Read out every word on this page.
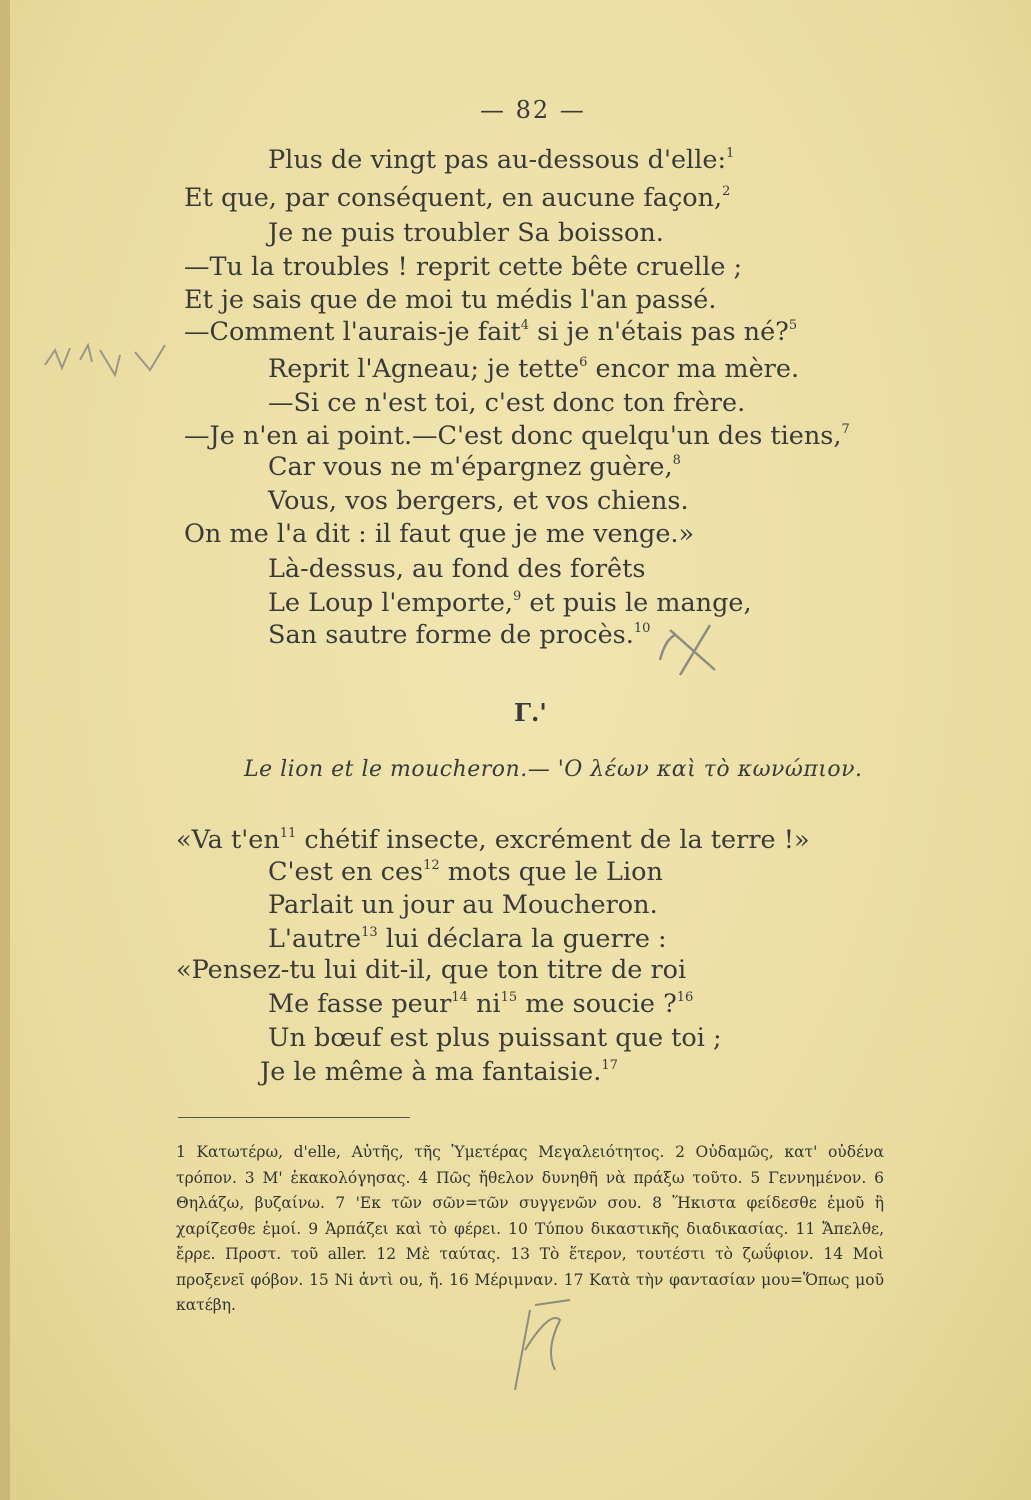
— 82 —
Plus de vingt pas au-dessous d'elle:$^1$
Et que, par conséquent, en aucune façon,$^2$
Je ne puis troubler Sa boisson.
—Tu la troubles ! reprit cette bête cruelle ;
Et je sais que de moi tu médis l'an passé.
—Comment l'aurais-je fait$^4$ si je n'étais pas né?$^5$
Reprit l'Agneau; je tette$^6$ encor ma mère.
—Si ce n'est toi, c'est donc ton frère.
—Je n'en ai point.—C'est donc quelqu'un des tiens,$^7$
Car vous ne m'épargnez guère,$^8$
Vous, vos bergers, et vos chiens.
On me l'a dit : il faut que je me venge.»
Là-dessus, au fond des forêts
Le Loup l'emporte,$^9$ et puis le mange,
San sautre forme de procès.$^{10}$
Γ.'
Le lion et le moucheron.— 'Ο λέων καὶ τὸ κωνώπιον.
«Va $t'en^{11}$ chétif insecte, excrément de la terre !»
C'est en ces$^{12}$ mots que le Lion
Parlait un jour au Moucheron.
L'autre$^{13}$ lui déclara la guerre :
«Pensez-tu lui dit-il, que ton titre de roi
Me fasse peur$^{14}$ $ni^{15}$ me soucie ?$^{16}$
Un bœuf est plus puissant que toi ;
Je le même à ma fantaisie.$^{17}$
1 Κατωτέρω, d'elle, Αὐτῆς, τῆς Ὑμετέρας Μεγαλειότητος. 2 Οὐδαμῶς, κατ' οὐδένα τρόπον. 3 Μ' ἐκακολόγησας. 4 Πῶς ἤθελον δυνηθῆ νὰ πράξω τοῦτο. 5 Γεννημένον. 6 Θηλάζω, βυζαίνω. 7 'Εκ τῶν σῶν=τῶν συγγενῶν σου. 8 Ἥκιστα φείδεσθε ἐμοῦ ἢ χαρίζεσθε ἐμοί. 9 Ἁρπάζει καὶ τὸ φέρει. 10 Τύπου δικαστικῆς διαδικασίας. 11 Ἄπελθε, ἔρρε. Προστ. τοῦ aller. 12 Μὲ ταύτας. 13 Τὸ ἕτερον, τουτέστι τὸ ζωΰφιον. 14 Μοὶ προξενεῖ φόβον. 15 Ni ἀντὶ ou, ἤ. 16 Μέριμναν. 17 Κατὰ τὴν φαντασίαν μου=Ὅπως μοῦ κατέβη.
